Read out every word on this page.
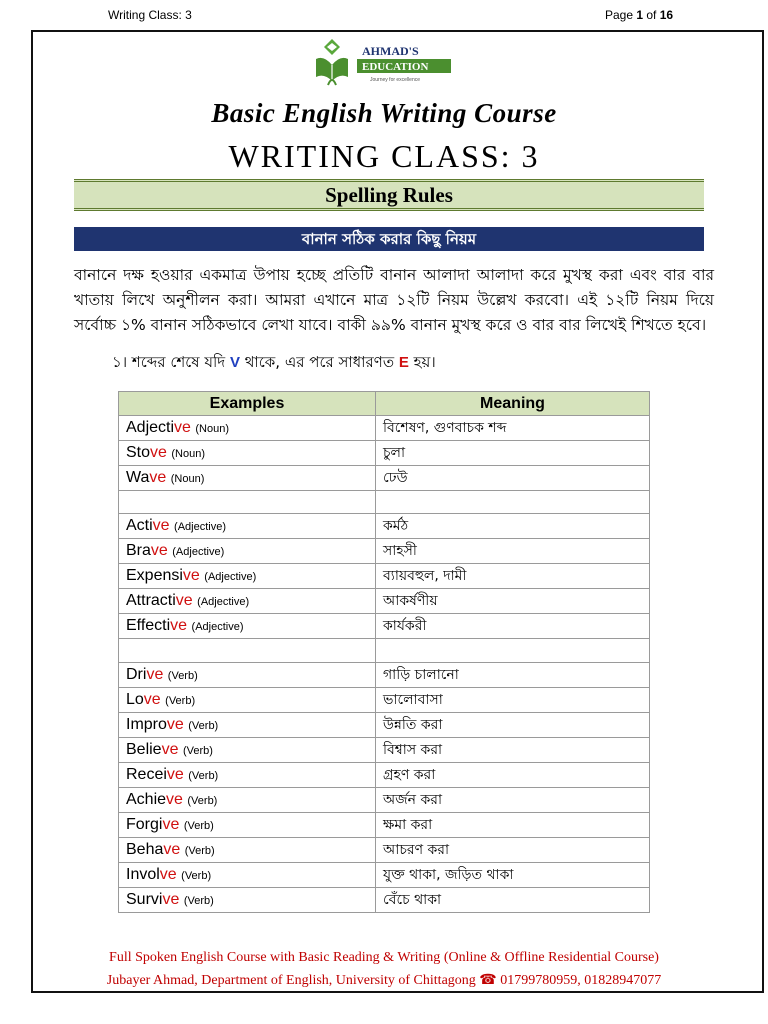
Writing Class: 3	Page 1 of 16
AHMAD'S
EDUCATION
Journey for excellence
Basic English Writing Course
WRITING CLASS: 3
Spelling Rules
বানান সঠিক করার কিছু নিয়ম
বানানে দক্ষ হওয়ার একমাত্র উপায় হচ্ছে প্রতিটি বানান আলাদা আলাদা করে মুখস্থ করা এবং বার বার খাতায় লিখে অনুশীলন করা। আমরা এখানে মাত্র ১২টি নিয়ম উল্লেখ করবো। এই ১২টি নিয়ম দিয়ে সর্বোচ্চ ১% বানান সঠিকভাবে লেখা যাবে। বাকী ৯৯% বানান মুখস্থ করে ও বার বার লিখেই শিখতে হবে।
১। শব্দের শেষে যদি V থাকে, এর পরে সাধারণত E হয়।
Examples	Meaning
Adjective (Noun)	বিশেষণ, গুণবাচক শব্দ
Stove (Noun)	চুলা
Wave (Noun)	ঢেউ

Active (Adjective)	কর্মঠ
Brave (Adjective)	সাহসী
Expensive (Adjective)	ব্যায়বহুল, দামী
Attractive (Adjective)	আকর্ষণীয়
Effective (Adjective)	কার্যকরী

Drive (Verb)	গাড়ি চালানো
Love (Verb)	ভালোবাসা
Improve (Verb)	উন্নতি করা
Believe (Verb)	বিশ্বাস করা
Receive (Verb)	গ্রহণ করা
Achieve (Verb)	অর্জন করা
Forgive (Verb)	ক্ষমা করা
Behave (Verb)	আচরণ করা
Involve (Verb)	যুক্ত থাকা, জড়িত থাকা
Survive (Verb)	বেঁচে থাকা
Full Spoken English Course with Basic Reading & Writing (Online & Offline Residential Course)
Jubayer Ahmad, Department of English, University of Chittagong ☎ 01799780959, 01828947077
